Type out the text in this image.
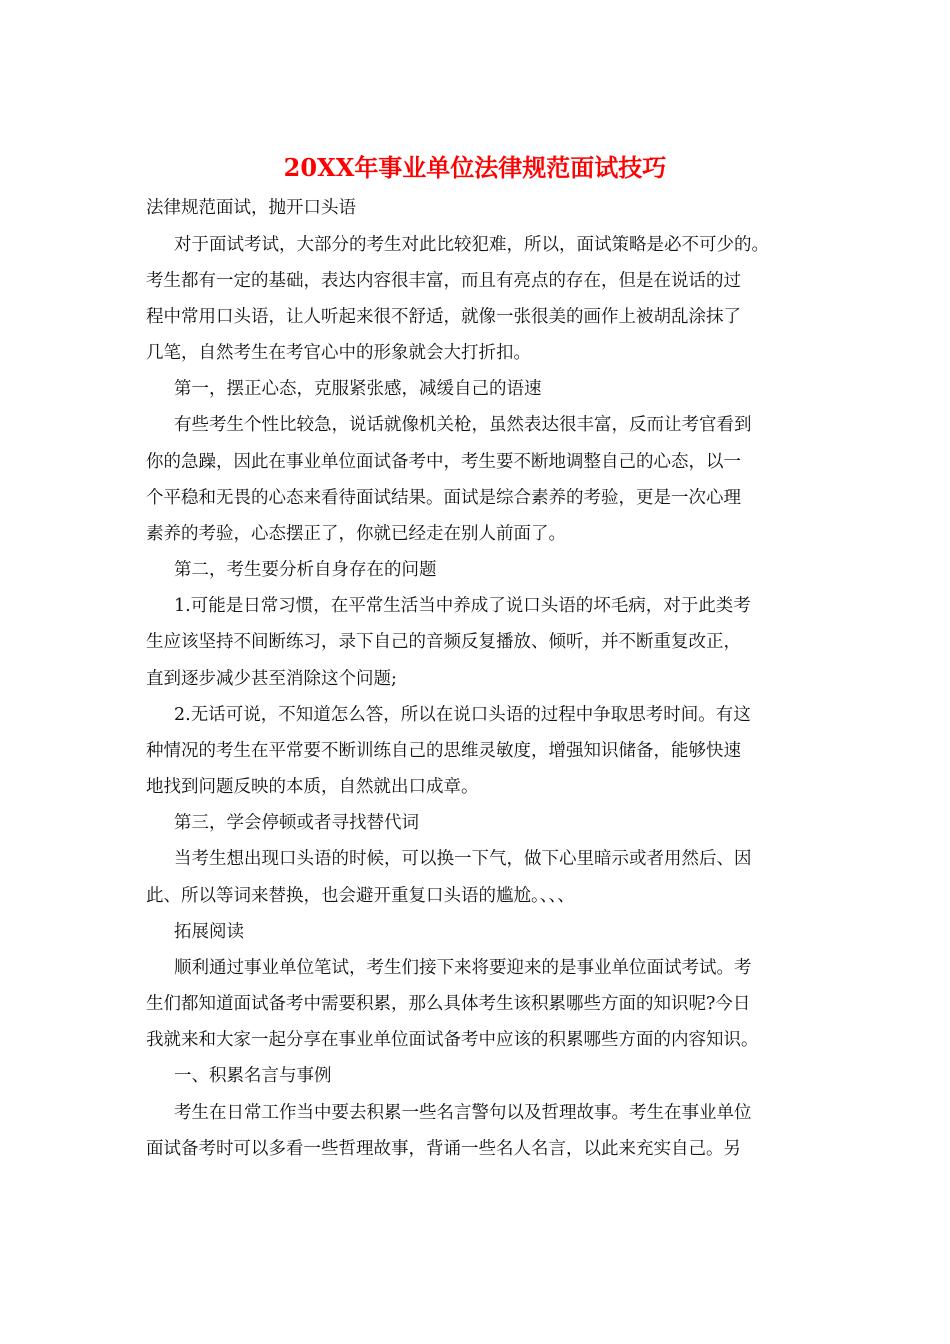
20XX年事业单位法律规范面试技巧

法律规范面试，抛开口头语

对于面试考试，大部分的考生对此比较犯难，所以，面试策略是必不可少的。

考生都有一定的基础，表达内容很丰富，而且有亮点的存在，但是在说话的过

程中常用口头语，让人听起来很不舒适，就像一张很美的画作上被胡乱涂抹了

几笔，自然考生在考官心中的形象就会大打折扣。

第一，摆正心态，克服紧张感，减缓自己的语速

有些考生个性比较急，说话就像机关枪，虽然表达很丰富，反而让考官看到

你的急躁，因此在事业单位面试备考中，考生要不断地调整自己的心态，以一

个平稳和无畏的心态来看待面试结果。面试是综合素养的考验，更是一次心理

素养的考验，心态摆正了，你就已经走在别人前面了。

第二，考生要分析自身存在的问题

1.可能是日常习惯，在平常生活当中养成了说口头语的坏毛病，对于此类考

生应该坚持不间断练习，录下自己的音频反复播放、倾听，并不断重复改正，

直到逐步减少甚至消除这个问题;

2.无话可说，不知道怎么答，所以在说口头语的过程中争取思考时间。有这

种情况的考生在平常要不断训练自己的思维灵敏度，增强知识储备，能够快速

地找到问题反映的本质，自然就出口成章。

第三，学会停顿或者寻找替代词

当考生想出现口头语的时候，可以换一下气，做下心里暗示或者用然后、因

此、所以等词来替换，也会避开重复口头语的尴尬。、、、

拓展阅读

顺利通过事业单位笔试，考生们接下来将要迎来的是事业单位面试考试。考

生们都知道面试备考中需要积累，那么具体考生该积累哪些方面的知识呢?今日

我就来和大家一起分享在事业单位面试备考中应该的积累哪些方面的内容知识。

一、积累名言与事例

考生在日常工作当中要去积累一些名言警句以及哲理故事。考生在事业单位

面试备考时可以多看一些哲理故事，背诵一些名人名言，以此来充实自己。另
